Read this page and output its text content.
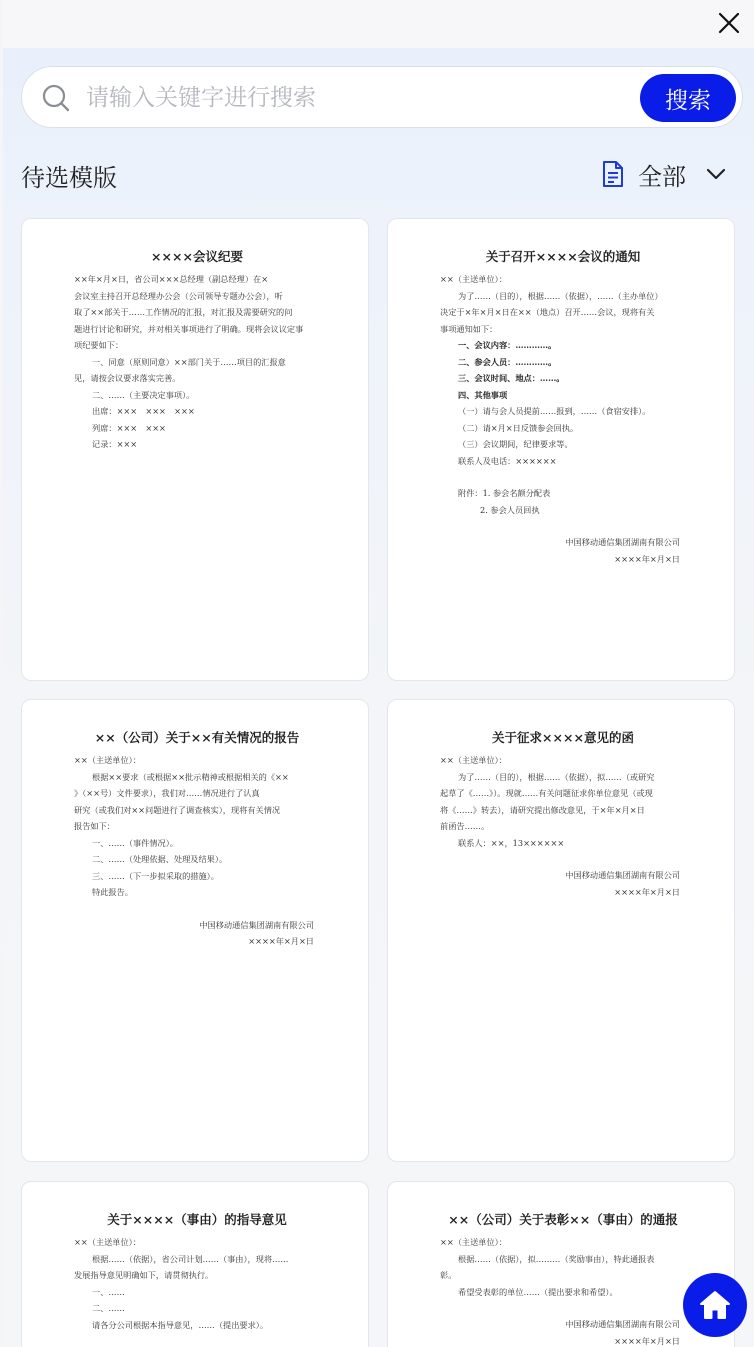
请输入关键字进行搜索
搜索
待选模版	全部
××××会议纪要
××年×月×日，省公司×××总经理（副总经理）在×
会议室主持召开总经理办公会（公司领导专题办公会），听
取了××部关于……工作情况的汇报，对汇报及需要研究的问
题进行讨论和研究，并对相关事项进行了明确。现将会议议定事
项纪要如下：
一、同意（原则同意）××部门关于……项目的汇报意
见，请按会议要求落实完善。
二、……（主要决定事项）。
出席：×××　×××　×××
列席：×××　×××
记录：×××
关于召开××××会议的通知
××（主送单位）：
为了……（目的），根据……（依据），……（主办单位）
决定于×年×月×日在××（地点）召开……会议，现将有关
事项通知如下：
一、会议内容：…………。
二、参会人员：…………。
三、会议时间、地点：……。
四、其他事项
（一）请与会人员提前……报到，……（食宿安排）。
（二）请×月×日反馈参会回执。
（三）会议期间，纪律要求等。
联系人及电话：××××××
附件：1. 参会名额分配表
2. 参会人员回执
中国移动通信集团湖南有限公司
××××年×月×日
××（公司）关于××有关情况的报告
××（主送单位）：
根据××要求（或根据××批示精神或根据相关的《××
》（××号）文件要求），我们对……情况进行了认真
研究（或我们对××问题进行了调查核实），现将有关情况
报告如下：
一、……（事件情况）。
二、……（处理依据、处理及结果）。
三、……（下一步拟采取的措施）。
特此报告。
中国移动通信集团湖南有限公司
××××年×月×日
关于征求××××意见的函
××（主送单位）：
为了……（目的），根据……（依据），拟……（或研究
起草了《……》）。现就……有关问题征求你单位意见（或现
将《……》转去），请研究提出修改意见，于×年×月×日
前函告……。
联系人：××，13××××××
中国移动通信集团湖南有限公司
××××年×月×日
关于××××（事由）的指导意见
××（主送单位）：
根据……（依据），省公司计划……（事由），现将……
发展指导意见明确如下，请贯彻执行。
一、……
二、……
请各分公司根据本指导意见，……（提出要求）。
××（公司）关于表彰××（事由）的通报
××（主送单位）：
根据……（依据），拟………（奖励事由），特此通报表
彰。
希望受表彰的单位……（提出要求和希望）。
中国移动通信集团湖南有限公司
××××年×月×日
